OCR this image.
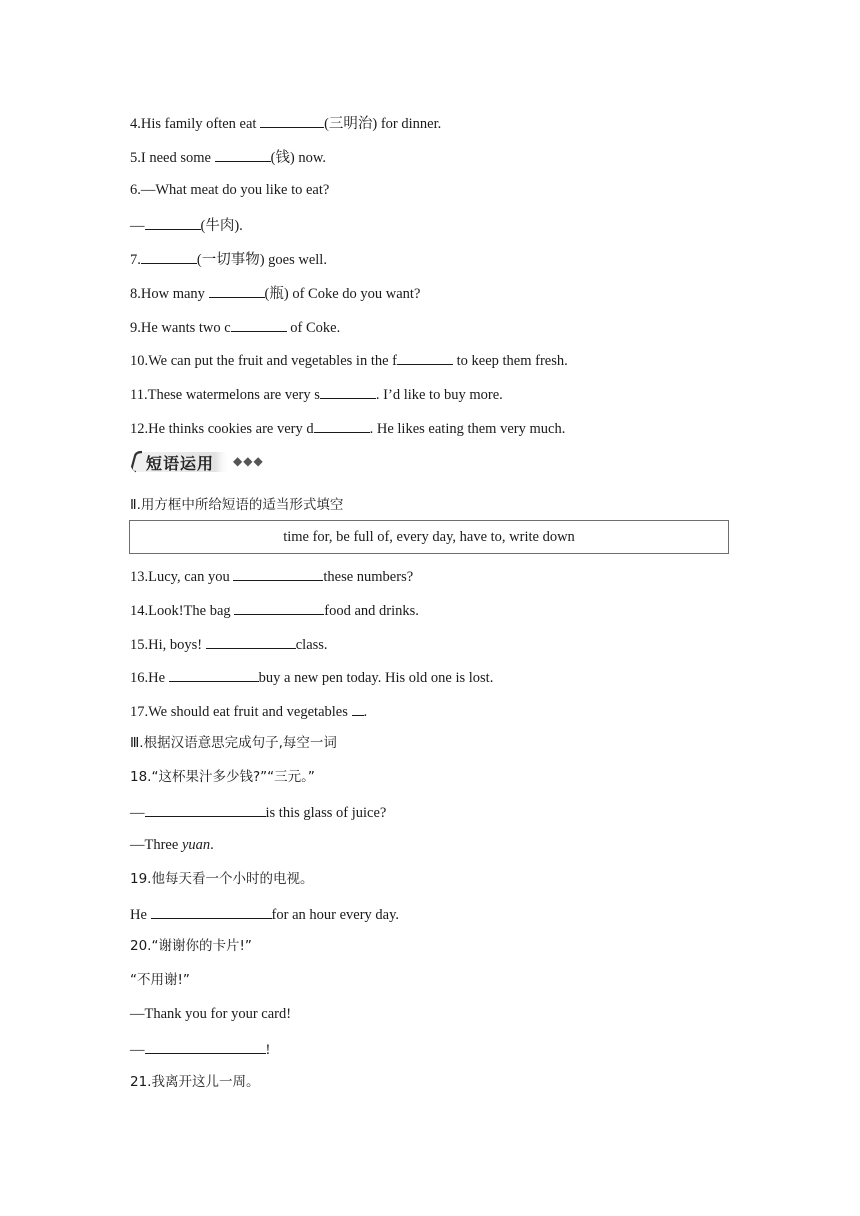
4.His family often eat	(三明治) for dinner.
5.I need some	(钱) now.
6.—What meat do you like to eat?
—	(牛肉).
7.	(一切事物) goes well.
8.How many	(瓶) of Coke do you want?
9.He wants two c	of Coke.
10.We can put the fruit and vegetables in the f	to keep them fresh.
11.These watermelons are very s	. I’d like to buy more.
12.He thinks cookies are very d	. He likes eating them very much.
短语运用 ◆◆◆
Ⅱ.用方框中所给短语的适当形式填空
time for, be full of, every day, have to, write down
13.Lucy, can you	these numbers?
14.Look!The bag	food and drinks.
15.Hi, boys!	class.
16.He	buy a new pen today. His old one is lost.
17.We should eat fruit and vegetables .
Ⅲ.根据汉语意思完成句子,每空一词
18.“这杯果汁多少钱?”“三元。”
—	is this glass of juice?
—Three yuan.
19.他每天看一个小时的电视。
He	for an hour every day.
20.“谢谢你的卡片!”
“不用谢!”
—Thank you for your card!
—	!
21.我离开这儿一周。
